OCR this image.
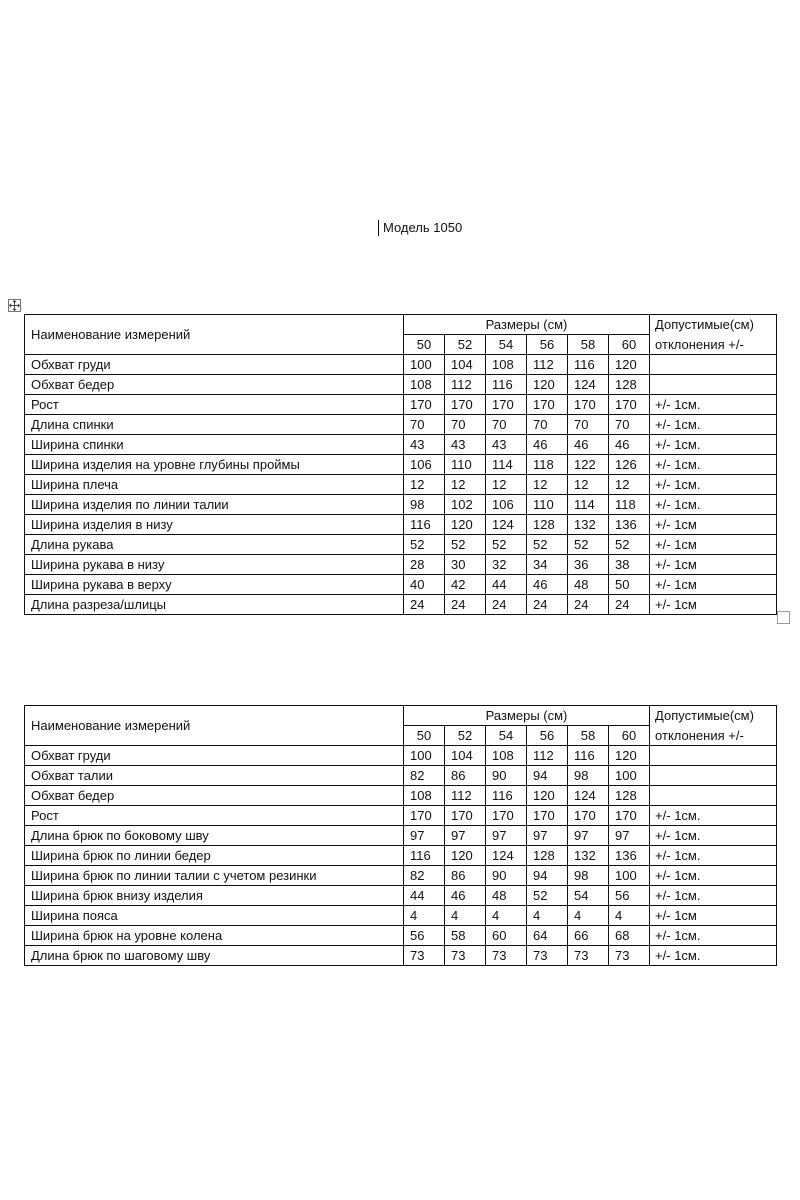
Модель 1050
Наименование измерений	Размеры (см)						Допустимые(см)
	50	52	54	56	58	60	отклонения +/-
Обхват груди	100	104	108	112	116	120	
Обхват бедер	108	112	116	120	124	128	
Рост	170	170	170	170	170	170	+/- 1см.
Длина спинки	70	70	70	70	70	70	+/- 1см.
Ширина спинки	43	43	43	46	46	46	+/- 1см.
Ширина изделия на уровне глубины проймы	106	110	114	118	122	126	+/- 1см.
Ширина плеча	12	12	12	12	12	12	+/- 1см.
Ширина изделия по линии талии	98	102	106	110	114	118	+/- 1см.
Ширина изделия в низу	116	120	124	128	132	136	+/- 1см
Длина рукава	52	52	52	52	52	52	+/- 1см
Ширина рукава в низу	28	30	32	34	36	38	+/- 1см
Ширина рукава в верху	40	42	44	46	48	50	+/- 1см
Длина разреза/шлицы	24	24	24	24	24	24	+/- 1см
Наименование измерений	Размеры (см)						Допустимые(см)
	50	52	54	56	58	60	отклонения +/-
Обхват груди	100	104	108	112	116	120	
Обхват талии	82	86	90	94	98	100	
Обхват бедер	108	112	116	120	124	128	
Рост	170	170	170	170	170	170	+/- 1см.
Длина брюк по боковому шву	97	97	97	97	97	97	+/- 1см.
Ширина брюк по линии бедер	116	120	124	128	132	136	+/- 1см.
Ширина брюк по линии талии с учетом резинки	82	86	90	94	98	100	+/- 1см.
Ширина брюк внизу изделия	44	46	48	52	54	56	+/- 1см.
Ширина пояса	4	4	4	4	4	4	+/- 1см
Ширина брюк на уровне колена	56	58	60	64	66	68	+/- 1см.
Длина брюк по шаговому шву	73	73	73	73	73	73	+/- 1см.
